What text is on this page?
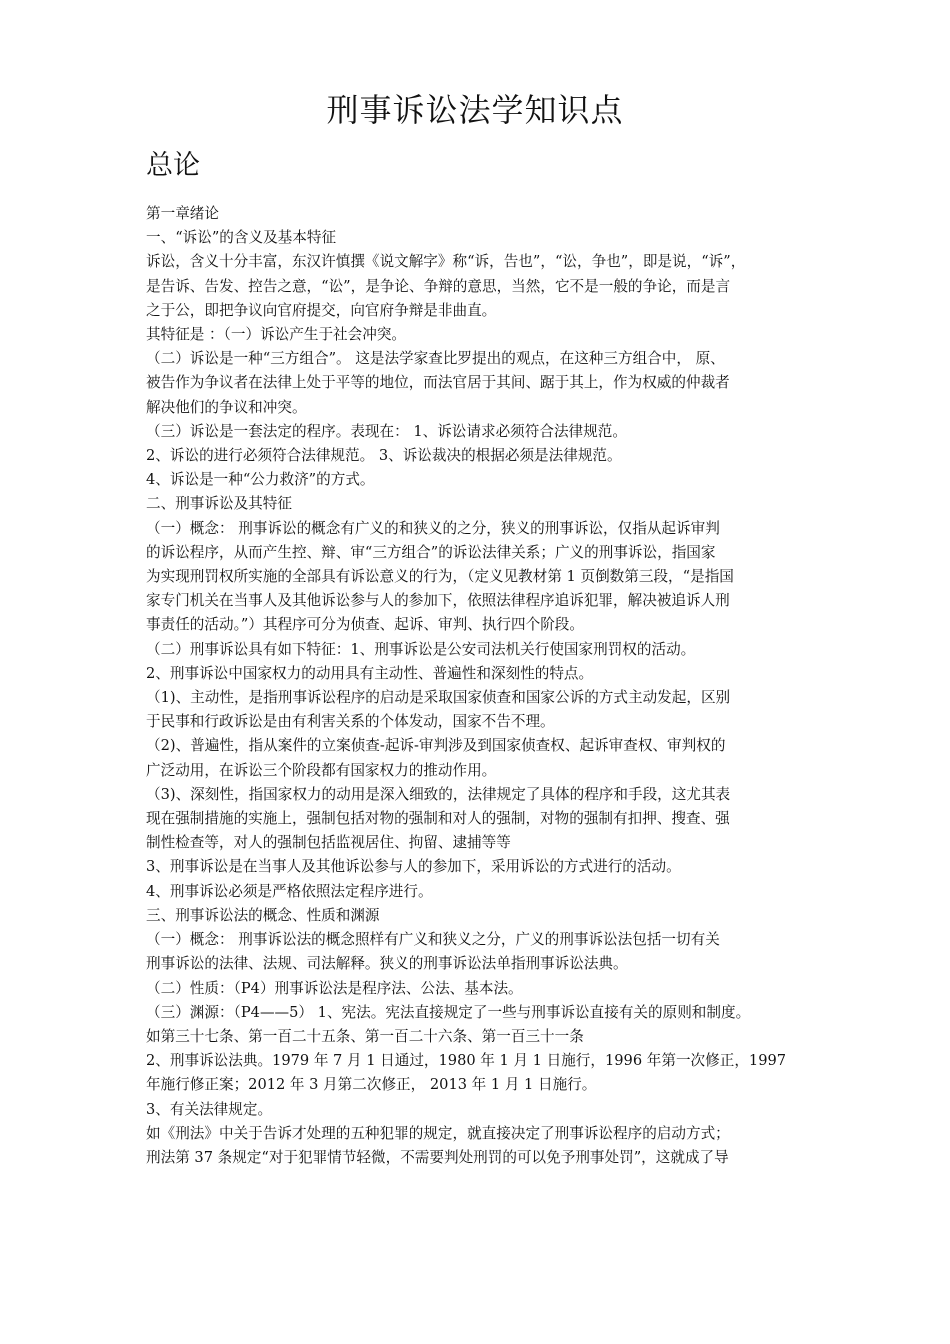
刑事诉讼法学知识点
总论

第一章绪论

一、“诉讼”的含义及基本特征

诉讼，含义十分丰富，东汉许慎撰《说文解字》称“诉，告也”，“讼，争也”，即是说，“诉”，

是告诉、告发、控告之意，“讼”，是争论、争辩的意思，当然，它不是一般的争论，而是言

之于公，即把争议向官府提交，向官府争辩是非曲直。

其特征是 ：（一）诉讼产生于社会冲突。

（二）诉讼是一种“三方组合”。 这是法学家查比罗提出的观点，在这种三方组合中， 原、

被告作为争议者在法律上处于平等的地位，而法官居于其间、踞于其上，作为权威的仲裁者

解决他们的争议和冲突。

（三）诉讼是一套法定的程序。表现在： 1、诉讼请求必须符合法律规范。

2、诉讼的进行必须符合法律规范。 3、诉讼裁决的根据必须是法律规范。

4、诉讼是一种“公力救济”的方式。

二、刑事诉讼及其特征

（一）概念： 刑事诉讼的概念有广义的和狭义的之分，狭义的刑事诉讼，仅指从起诉审判

的诉讼程序，从而产生控、辩、审“三方组合”的诉讼法律关系；广义的刑事诉讼，指国家

为实现刑罚权所实施的全部具有诉讼意义的行为，（定义见教材第 1 页倒数第三段，“是指国

家专门机关在当事人及其他诉讼参与人的参加下，依照法律程序追诉犯罪，解决被追诉人刑

事责任的活动。”）其程序可分为侦查、起诉、审判、执行四个阶段。

（二）刑事诉讼具有如下特征：1、刑事诉讼是公安司法机关行使国家刑罚权的活动。

2、刑事诉讼中国家权力的动用具有主动性、普遍性和深刻性的特点。

（1)、主动性，是指刑事诉讼程序的启动是采取国家侦查和国家公诉的方式主动发起，区别

于民事和行政诉讼是由有利害关系的个体发动，国家不告不理。

（2)、普遍性，指从案件的立案侦查-起诉-审判涉及到国家侦查权、起诉审查权、审判权的

广泛动用，在诉讼三个阶段都有国家权力的推动作用。

（3)、深刻性，指国家权力的动用是深入细致的，法律规定了具体的程序和手段，这尤其表

现在强制措施的实施上，强制包括对物的强制和对人的强制，对物的强制有扣押、搜查、强

制性检查等，对人的强制包括监视居住、拘留、逮捕等等

3、刑事诉讼是在当事人及其他诉讼参与人的参加下，采用诉讼的方式进行的活动。

4、刑事诉讼必须是严格依照法定程序进行。

三、刑事诉讼法的概念、性质和渊源

（一）概念： 刑事诉讼法的概念照样有广义和狭义之分，广义的刑事诉讼法包括一切有关

刑事诉讼的法律、法规、司法解释。狭义的刑事诉讼法单指刑事诉讼法典。

（二）性质：（P4）刑事诉讼法是程序法、公法、基本法。

（三）渊源：（P4——5） 1、宪法。宪法直接规定了一些与刑事诉讼直接有关的原则和制度。

如第三十七条、第一百二十五条、第一百二十六条、第一百三十一条

2、刑事诉讼法典。1979 年 7 月 1 日通过，1980 年 1 月 1 日施行，1996 年第一次修正，1997

年施行修正案；2012 年 3 月第二次修正， 2013 年 1 月 1 日施行。

3、有关法律规定。

如《刑法》中关于告诉才处理的五种犯罪的规定，就直接决定了刑事诉讼程序的启动方式；

刑法第 37 条规定“对于犯罪情节轻微，不需要判处刑罚的可以免予刑事处罚”，这就成了导
